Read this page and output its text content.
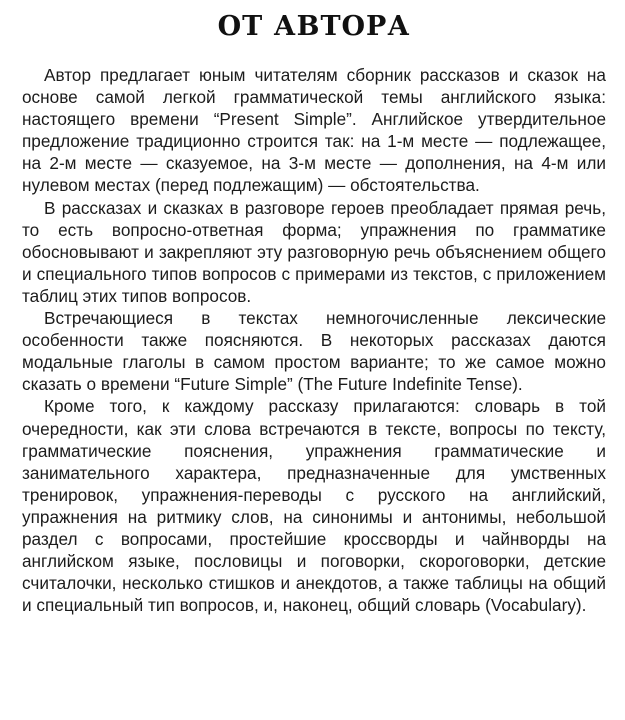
ОТ АВТОРА

Автор предлагает юным читателям сборник рассказов и сказок на основе самой легкой грамматической темы английского языка: настоящего времени “Present Simple”. Английское утвердительное предложение традиционно строится так: на 1-м месте — подлежащее, на 2-м месте — сказуемое, на 3-м месте — дополнения, на 4-м или нулевом местах (перед подлежащим) — обстоятельства.

В рассказах и сказках в разговоре героев преобладает прямая речь, то есть вопросно-ответная форма; упражнения по грамматике обосновывают и закрепляют эту разговорную речь объяснением общего и специального типов вопросов с примерами из текстов, с приложением таблиц этих типов вопросов.

Встречающиеся в текстах немногочисленные лексические особенности также поясняются. В некоторых рассказах даются модальные глаголы в самом простом варианте; то же самое можно сказать о времени “Future Simple” (The Future Indefinite Tense).

Кроме того, к каждому рассказу прилагаются: словарь в той очередности, как эти слова встречаются в тексте, вопросы по тексту, грамматические пояснения, упражнения грамматические и занимательного характера, предназначенные для умственных тренировок, упражнения-переводы с русского на английский, упражнения на ритмику слов, на синонимы и антонимы, небольшой раздел с вопросами, простейшие кроссворды и чайнворды на английском языке, пословицы и поговорки, скороговорки, детские считалочки, несколько стишков и анекдотов, а также таблицы на общий и специальный тип вопросов, и, наконец, общий словарь (Vocabulary).
